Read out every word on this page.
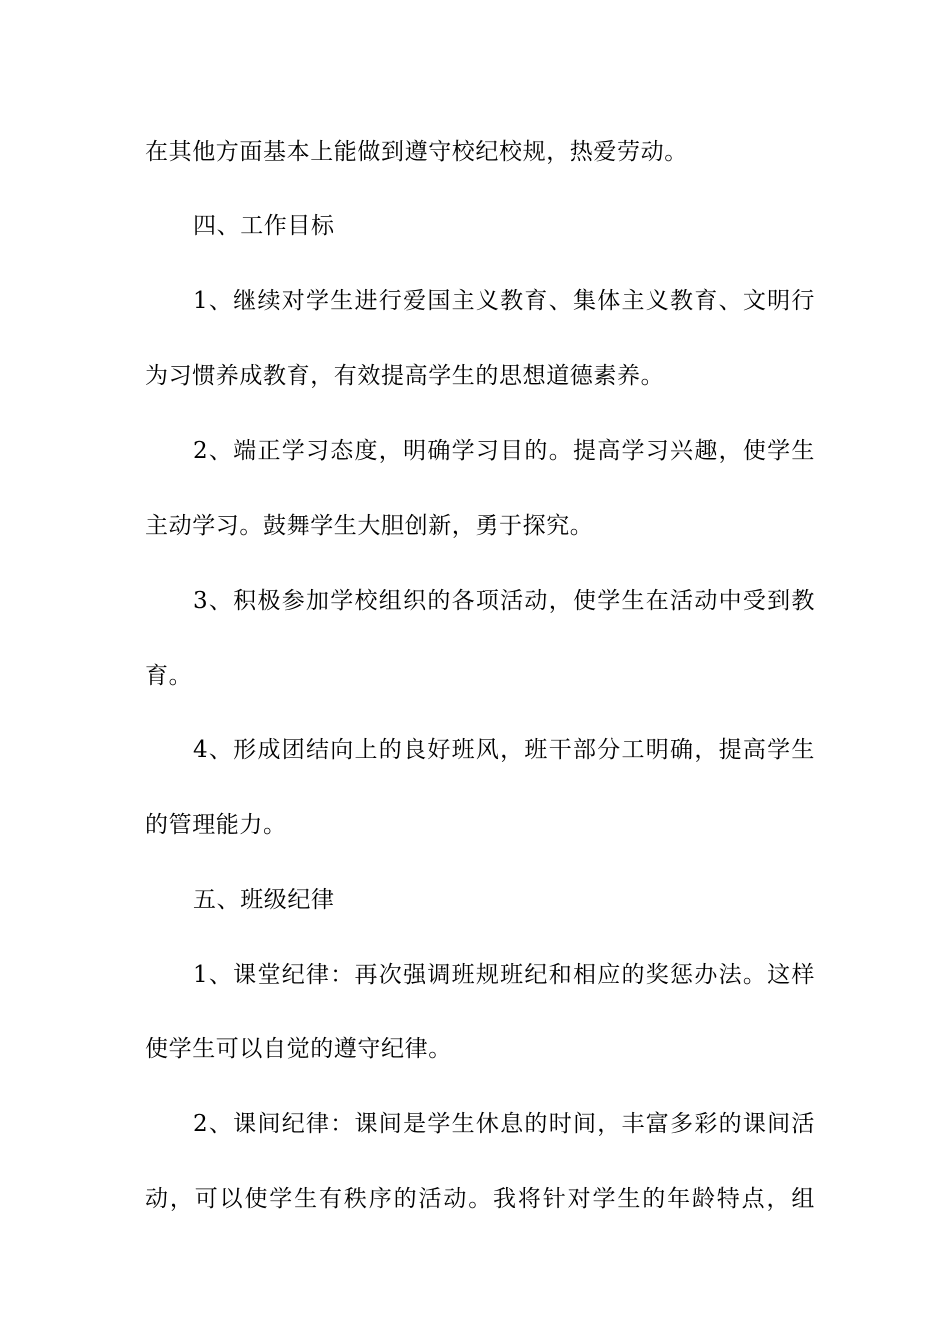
在其他方面基本上能做到遵守校纪校规，热爱劳动。
四、工作目标
1、继续对学生进行爱国主义教育、集体主义教育、文明行
为习惯养成教育，有效提高学生的思想道德素养。
2、端正学习态度，明确学习目的。提高学习兴趣，使学生
主动学习。鼓舞学生大胆创新，勇于探究。
3、积极参加学校组织的各项活动，使学生在活动中受到教
育。
4、形成团结向上的良好班风，班干部分工明确，提高学生
的管理能力。
五、班级纪律
1、课堂纪律：再次强调班规班纪和相应的奖惩办法。这样
使学生可以自觉的遵守纪律。
2、课间纪律：课间是学生休息的时间，丰富多彩的课间活
动，可以使学生有秩序的活动。我将针对学生的年龄特点，组
